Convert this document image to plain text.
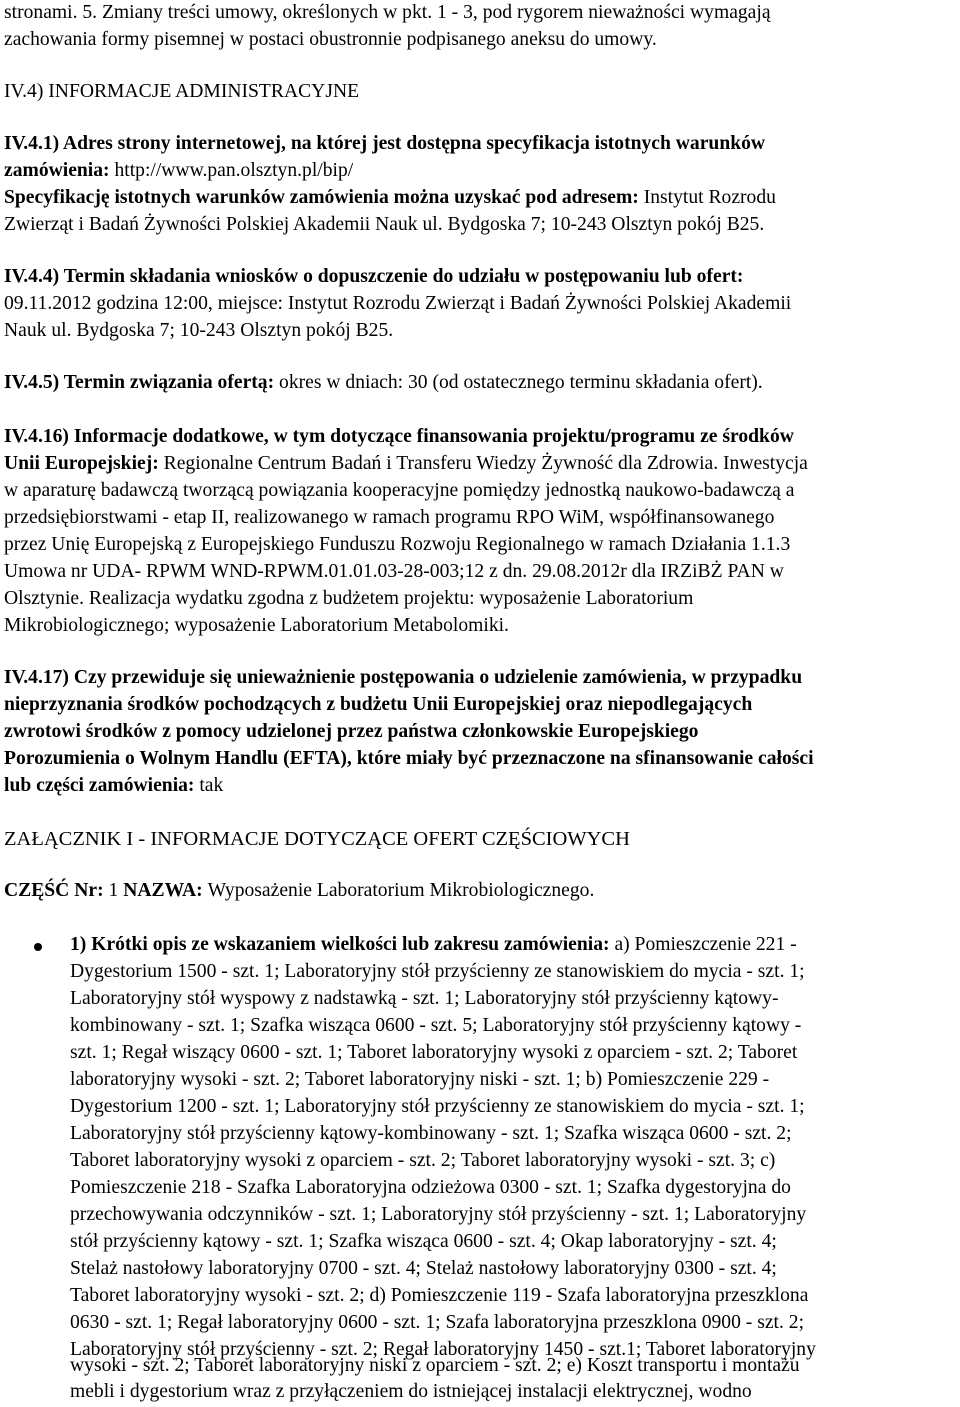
stronami. 5. Zmiany treści umowy, określonych w pkt. 1 - 3, pod rygorem nieważności wymagają

zachowania formy pisemnej w postaci obustronnie podpisanego aneksu do umowy.

IV.4) INFORMACJE ADMINISTRACYJNE

IV.4.1) Adres strony internetowej, na której jest dostępna specyfikacja istotnych warunków

zamówienia: http://www.pan.olsztyn.pl/bip/

Specyfikację istotnych warunków zamówienia można uzyskać pod adresem: Instytut Rozrodu

Zwierząt i Badań Żywności Polskiej Akademii Nauk ul. Bydgoska 7; 10-243 Olsztyn pokój B25.

IV.4.4) Termin składania wniosków o dopuszczenie do udziału w postępowaniu lub ofert:

09.11.2012 godzina 12:00, miejsce: Instytut Rozrodu Zwierząt i Badań Żywności Polskiej Akademii

Nauk ul. Bydgoska 7; 10-243 Olsztyn pokój B25.

IV.4.5) Termin związania ofertą: okres w dniach: 30 (od ostatecznego terminu składania ofert).

IV.4.16) Informacje dodatkowe, w tym dotyczące finansowania projektu/programu ze środków

Unii Europejskiej: Regionalne Centrum Badań i Transferu Wiedzy Żywność dla Zdrowia. Inwestycja

w aparaturę badawczą tworzącą powiązania kooperacyjne pomiędzy jednostką naukowo-badawczą a

przedsiębiorstwami - etap II, realizowanego w ramach programu RPO WiM, współfinansowanego

przez Unię Europejską z Europejskiego Funduszu Rozwoju Regionalnego w ramach Działania 1.1.3

Umowa nr UDA- RPWM WND-RPWM.01.01.03-28-003;12 z dn. 29.08.2012r dla IRZiBŻ PAN w

Olsztynie. Realizacja wydatku zgodna z budżetem projektu: wyposażenie Laboratorium

Mikrobiologicznego; wyposażenie Laboratorium Metabolomiki.

IV.4.17) Czy przewiduje się unieważnienie postępowania o udzielenie zamówienia, w przypadku

nieprzyznania środków pochodzących z budżetu Unii Europejskiej oraz niepodlegających

zwrotowi środków z pomocy udzielonej przez państwa członkowskie Europejskiego

Porozumienia o Wolnym Handlu (EFTA), które miały być przeznaczone na sfinansowanie całości

lub części zamówienia: tak

ZAŁĄCZNIK I - INFORMACJE DOTYCZĄCE OFERT CZĘŚCIOWYCH

CZĘŚĆ Nr: 1 NAZWA: Wyposażenie Laboratorium Mikrobiologicznego.

1) Krótki opis ze wskazaniem wielkości lub zakresu zamówienia: a) Pomieszczenie 221 -

Dygestorium 1500 - szt. 1; Laboratoryjny stół przyścienny ze stanowiskiem do mycia - szt. 1;

Laboratoryjny stół wyspowy z nadstawką - szt. 1; Laboratoryjny stół przyścienny kątowy-

kombinowany - szt. 1; Szafka wisząca 0600 - szt. 5; Laboratoryjny stół przyścienny kątowy -

szt. 1; Regał wiszący 0600 - szt. 1; Taboret laboratoryjny wysoki z oparciem - szt. 2; Taboret

laboratoryjny wysoki - szt. 2; Taboret laboratoryjny niski - szt. 1; b) Pomieszczenie 229 -

Dygestorium 1200 - szt. 1; Laboratoryjny stół przyścienny ze stanowiskiem do mycia - szt. 1;

Laboratoryjny stół przyścienny kątowy-kombinowany - szt. 1; Szafka wisząca 0600 - szt. 2;

Taboret laboratoryjny wysoki z oparciem - szt. 2; Taboret laboratoryjny wysoki - szt. 3; c)

Pomieszczenie 218 - Szafka Laboratoryjna odzieżowa 0300 - szt. 1; Szafka dygestoryjna do

przechowywania odczynników - szt. 1; Laboratoryjny stół przyścienny - szt. 1; Laboratoryjny

stół przyścienny kątowy - szt. 1; Szafka wisząca 0600 - szt. 4; Okap laboratoryjny - szt. 4;

Stelaż nastołowy laboratoryjny 0700 - szt. 4; Stelaż nastołowy laboratoryjny 0300 - szt. 4;

Taboret laboratoryjny wysoki - szt. 2; d) Pomieszczenie 119 - Szafa laboratoryjna przeszklona

0630 - szt. 1; Regał laboratoryjny 0600 - szt. 1; Szafa laboratoryjna przeszklona 0900 - szt. 2;

Laboratoryjny stół przyścienny - szt. 2; Regał laboratoryjny 1450 - szt.1; Taboret laboratoryjny

wysoki - szt. 2; Taboret laboratoryjny niski z oparciem - szt. 2; e) Koszt transportu i montażu

mebli i dygestorium wraz z przyłączeniem do istniejącej instalacji elektrycznej, wodno
